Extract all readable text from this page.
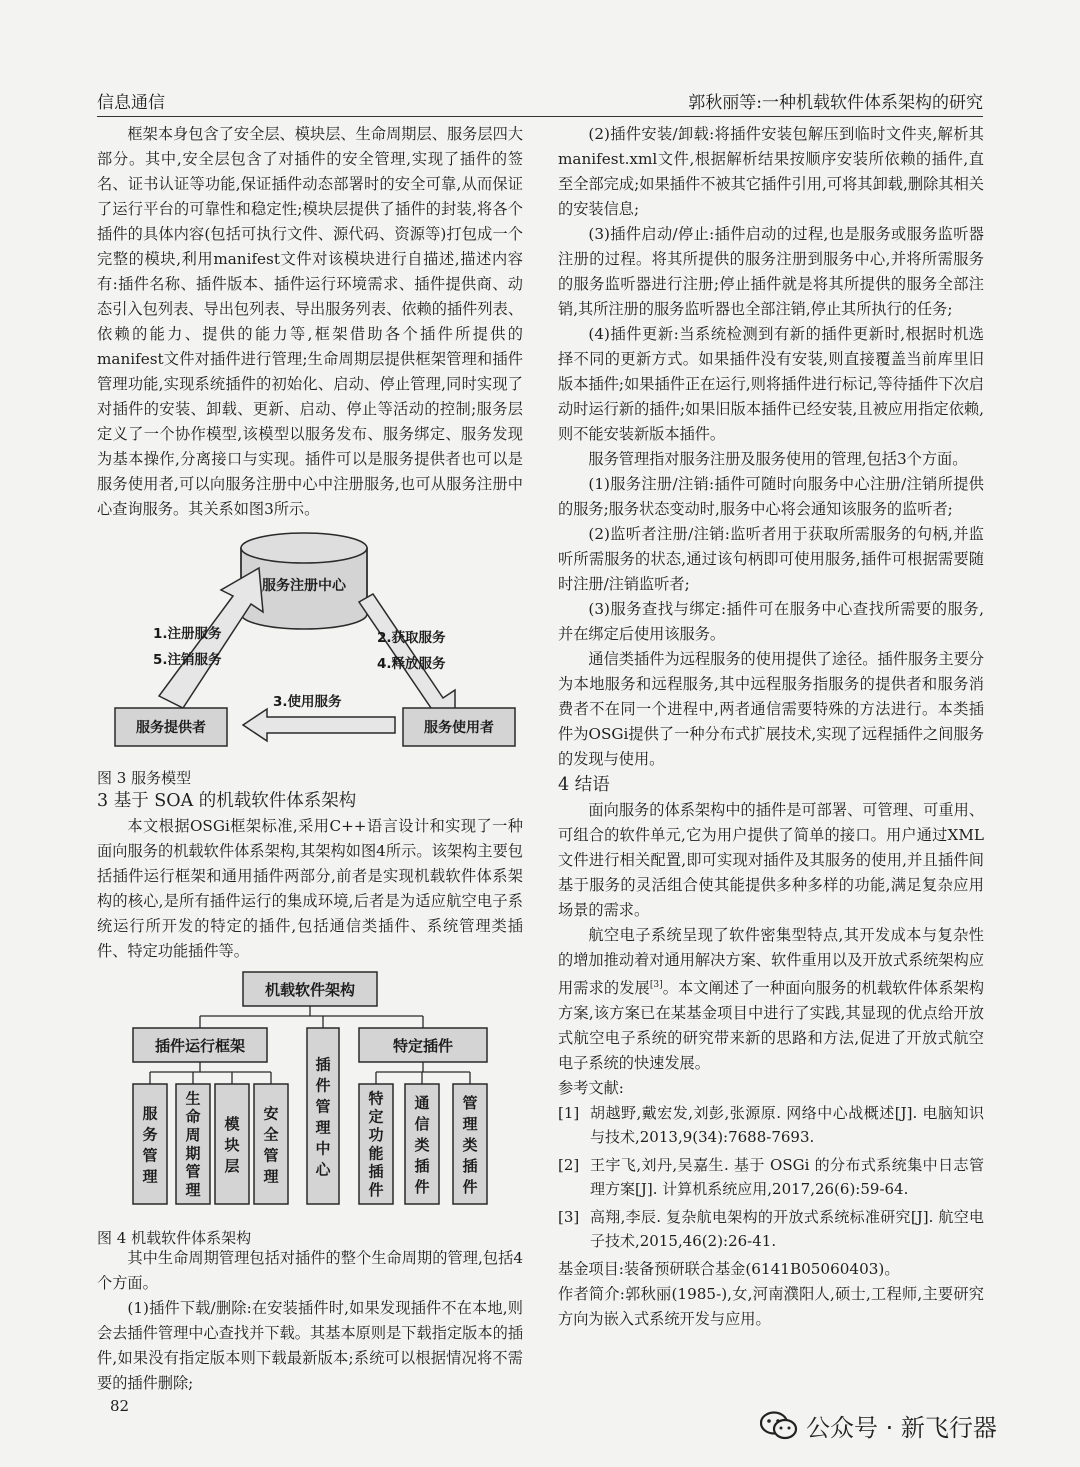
信息通信	郭秋丽等:一种机载软件体系架构的研究

框架本身包含了安全层、模块层、生命周期层、服务层四大部分。其中,安全层包含了对插件的安全管理,实现了插件的签名、证书认证等功能,保证插件动态部署时的安全可靠,从而保证了运行平台的可靠性和稳定性;模块层提供了插件的封装,将各个插件的具体内容(包括可执行文件、源代码、资源等)打包成一个完整的模块,利用manifest文件对该模块进行自描述,描述内容有:插件名称、插件版本、插件运行环境需求、插件提供商、动态引入包列表、导出包列表、导出服务列表、依赖的插件列表、依赖的能力、提供的能力等,框架借助各个插件所提供的manifest文件对插件进行管理;生命周期层提供框架管理和插件管理功能,实现系统插件的初始化、启动、停止管理,同时实现了对插件的安装、卸载、更新、启动、停止等活动的控制;服务层定义了一个协作模型,该模型以服务发布、服务绑定、服务发现为基本操作,分离接口与实现。插件可以是服务提供者也可以是服务使用者,可以向服务注册中心中注册服务,也可从服务注册中心查询服务。其关系如图3所示。

服务注册中心
服务提供者	服务使用者
1.注册服务
5.注销服务
2.获取服务
4.释放服务
3.使用服务

图 3 服务模型

3 基于 SOA 的机载软件体系架构

本文根据OSGi框架标准,采用C++语言设计和实现了一种面向服务的机载软件体系架构,其架构如图4所示。该架构主要包括插件运行框架和通用插件两部分,前者是实现机载软件体系架构的核心,是所有插件运行的集成环境,后者是为适应航空电子系统运行所开发的特定的插件,包括通信类插件、系统管理类插件、特定功能插件等。

机载软件架构
插件运行框架	特定插件
服务管理
生命周期管理
模块层
安全管理
插件管理中心
特定功能插件
通信类插件
管理类插件

图 4 机载软件体系架构

其中生命周期管理包括对插件的整个生命周期的管理,包括4个方面。

(1)插件下载/删除:在安装插件时,如果发现插件不在本地,则会去插件管理中心查找并下载。其基本原则是下载指定版本的插件,如果没有指定版本则下载最新版本;系统可以根据情况将不需要的插件删除;

(2)插件安装/卸载:将插件安装包解压到临时文件夹,解析其manifest.xml文件,根据解析结果按顺序安装所依赖的插件,直至全部完成;如果插件不被其它插件引用,可将其卸载,删除其相关的安装信息;

(3)插件启动/停止:插件启动的过程,也是服务或服务监听器注册的过程。将其所提供的服务注册到服务中心,并将所需服务的服务监听器进行注册;停止插件就是将其所提供的服务全部注销,其所注册的服务监听器也全部注销,停止其所执行的任务;

(4)插件更新:当系统检测到有新的插件更新时,根据时机选择不同的更新方式。如果插件没有安装,则直接覆盖当前库里旧版本插件;如果插件正在运行,则将插件进行标记,等待插件下次启动时运行新的插件;如果旧版本插件已经安装,且被应用指定依赖,则不能安装新版本插件。

服务管理指对服务注册及服务使用的管理,包括3个方面。

(1)服务注册/注销:插件可随时向服务中心注册/注销所提供的服务;服务状态变动时,服务中心将会通知该服务的监听者;

(2)监听者注册/注销:监听者用于获取所需服务的句柄,并监听所需服务的状态,通过该句柄即可使用服务,插件可根据需要随时注册/注销监听者;

(3)服务查找与绑定:插件可在服务中心查找所需要的服务,并在绑定后使用该服务。

通信类插件为远程服务的使用提供了途径。插件服务主要分为本地服务和远程服务,其中远程服务指服务的提供者和服务消费者不在同一个进程中,两者通信需要特殊的方法进行。本类插件为OSGi提供了一种分布式扩展技术,实现了远程插件之间服务的发现与使用。

4 结语

面向服务的体系架构中的插件是可部署、可管理、可重用、可组合的软件单元,它为用户提供了简单的接口。用户通过XML文件进行相关配置,即可实现对插件及其服务的使用,并且插件间基于服务的灵活组合使其能提供多种多样的功能,满足复杂应用场景的需求。

航空电子系统呈现了软件密集型特点,其开发成本与复杂性的增加推动着对通用解决方案、软件重用以及开放式系统架构应用需求的发展[3]。本文阐述了一种面向服务的机载软件体系架构方案,该方案已在某基金项目中进行了实践,其显现的优点给开放式航空电子系统的研究带来新的思路和方法,促进了开放式航空电子系统的快速发展。

参考文献:

[1] 胡越野,戴宏发,刘彭,张源原. 网络中心战概述[J]. 电脑知识与技术,2013,9(34):7688-7693.
[2] 王宇飞,刘丹,吴嘉生. 基于 OSGi 的分布式系统集中日志管理方案[J]. 计算机系统应用,2017,26(6):59-64.
[3] 高翔,李辰. 复杂航电架构的开放式系统标准研究[J]. 航空电子技术,2015,46(2):26-41.

基金项目:装备预研联合基金(6141B05060403)。

作者简介:郭秋丽(1985-),女,河南濮阳人,硕士,工程师,主要研究方向为嵌入式系统开发与应用。

82
公众号 · 新飞行器
